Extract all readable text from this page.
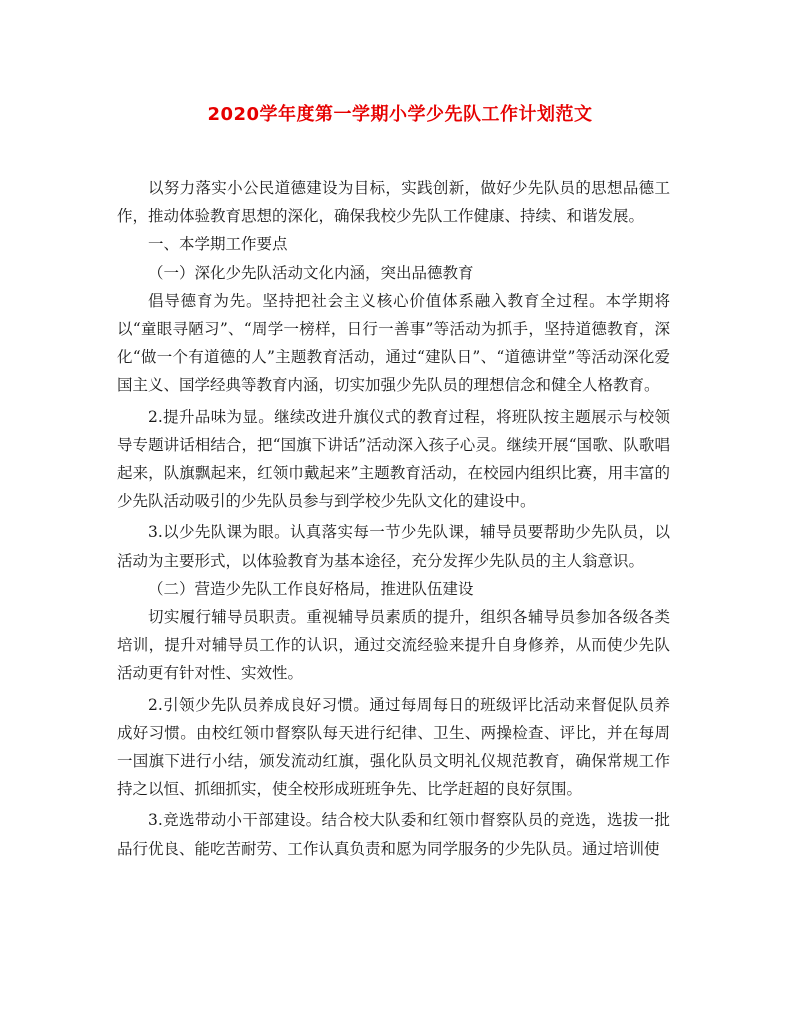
2020学年度第一学期小学少先队工作计划范文

以努力落实小公民道德建设为目标，实践创新，做好少先队员的思想品德工作，推动体验教育思想的深化，确保我校少先队工作健康、持续、和谐发展。

一、本学期工作要点

（一）深化少先队活动文化内涵，突出品德教育

倡导德育为先。坚持把社会主义核心价值体系融入教育全过程。本学期将以“童眼寻陋习”、“周学一榜样，日行一善事”等活动为抓手，坚持道德教育，深化“做一个有道德的人”主题教育活动，通过“建队日”、“道德讲堂”等活动深化爱国主义、国学经典等教育内涵，切实加强少先队员的理想信念和健全人格教育。

2.提升品味为显。继续改进升旗仪式的教育过程，将班队按主题展示与校领导专题讲话相结合，把“国旗下讲话”活动深入孩子心灵。继续开展“国歌、队歌唱起来，队旗飘起来，红领巾戴起来”主题教育活动，在校园内组织比赛，用丰富的少先队活动吸引的少先队员参与到学校少先队文化的建设中。

3.以少先队课为眼。认真落实每一节少先队课，辅导员要帮助少先队员，以活动为主要形式，以体验教育为基本途径，充分发挥少先队员的主人翁意识。

（二）营造少先队工作良好格局，推进队伍建设

切实履行辅导员职责。重视辅导员素质的提升，组织各辅导员参加各级各类培训，提升对辅导员工作的认识，通过交流经验来提升自身修养，从而使少先队活动更有针对性、实效性。

2.引领少先队员养成良好习惯。通过每周每日的班级评比活动来督促队员养成好习惯。由校红领巾督察队每天进行纪律、卫生、两操检查、评比，并在每周一国旗下进行小结，颁发流动红旗，强化队员文明礼仪规范教育，确保常规工作持之以恒、抓细抓实，使全校形成班班争先、比学赶超的良好氛围。

3.竞选带动小干部建设。结合校大队委和红领巾督察队员的竞选，选拔一批品行优良、能吃苦耐劳、工作认真负责和愿为同学服务的少先队员。通过培训使
